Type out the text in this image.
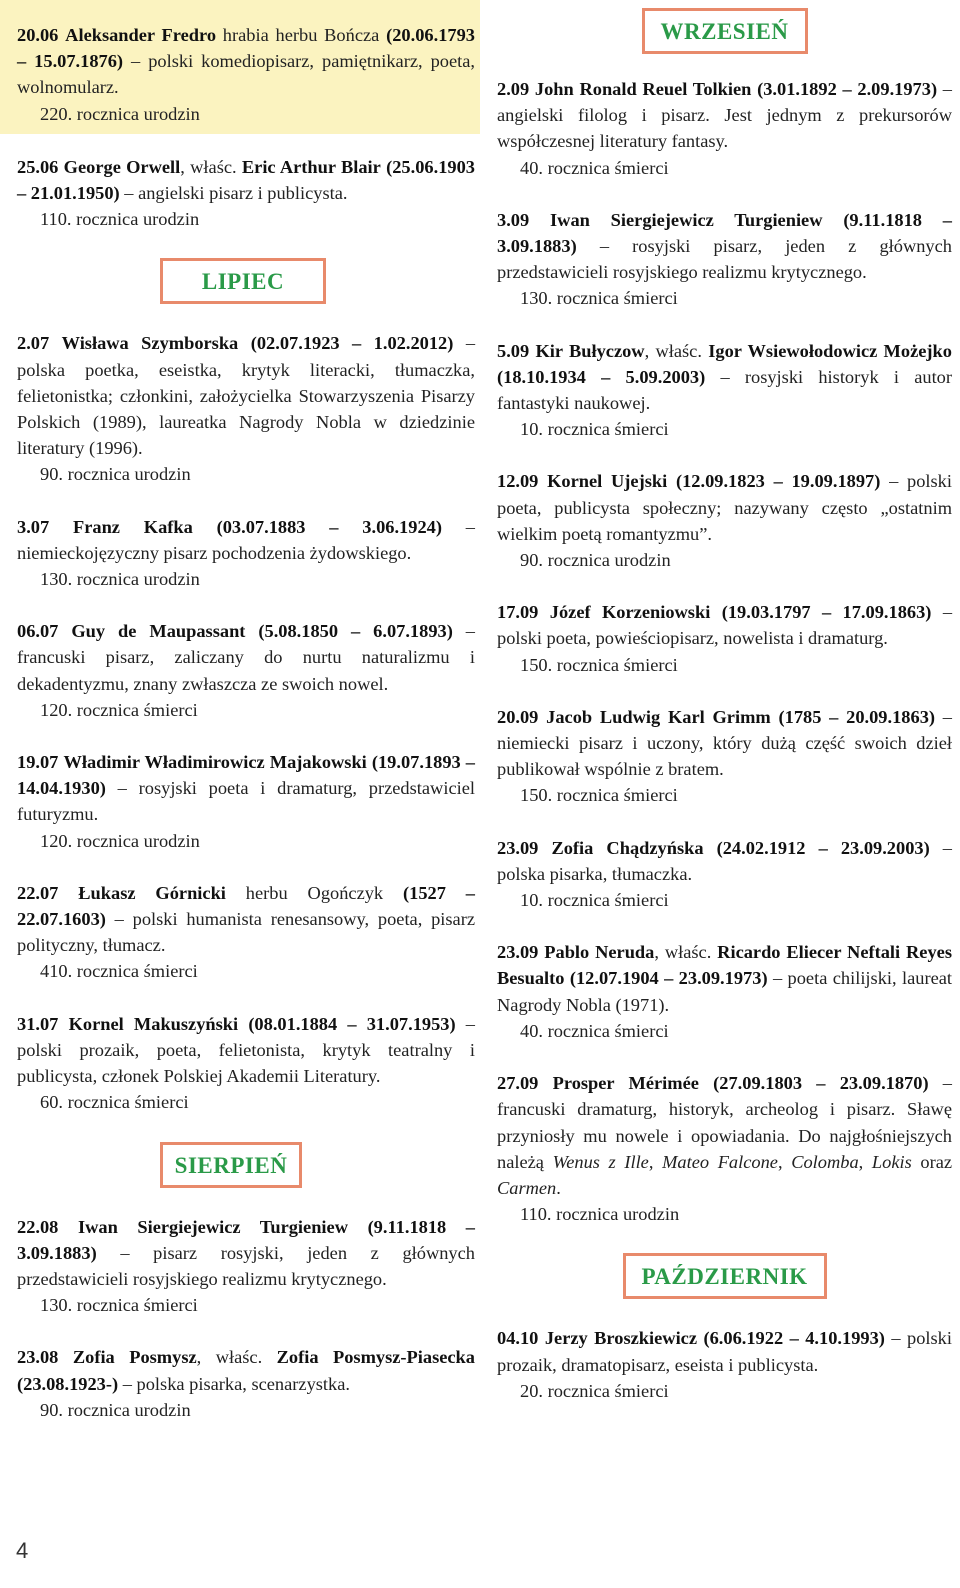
20.06 Aleksander Fredro hrabia herbu Bończa (20.06.1793 – 15.07.1876) – polski komediopisarz, pamiętnikarz, poeta, wolnomularz.
220. rocznica urodzin
25.06 George Orwell, właśc. Eric Arthur Blair (25.06.1903 – 21.01.1950) – angielski pisarz i publicysta.
110. rocznica urodzin
LIPIEC
2.07 Wisława Szymborska (02.07.1923 – 1.02.2012) – polska poetka, eseistka, krytyk literacki, tłumaczka, felietonistka; członkini, założycielka Stowarzyszenia Pisarzy Polskich (1989), laureatka Nagrody Nobla w dziedzinie literatury (1996).
90. rocznica urodzin
3.07 Franz Kafka (03.07.1883 – 3.06.1924) – niemieckojęzyczny pisarz pochodzenia żydowskiego.
130. rocznica urodzin
06.07 Guy de Maupassant (5.08.1850 – 6.07.1893) – francuski pisarz, zaliczany do nurtu naturalizmu i dekadentyzmu, znany zwłaszcza ze swoich nowel.
120. rocznica śmierci
19.07 Władimir Władimirowicz Majakowski (19.07.1893 – 14.04.1930) – rosyjski poeta i dramaturg, przedstawiciel futuryzmu.
120. rocznica urodzin
22.07 Łukasz Górnicki herbu Ogończyk (1527 – 22.07.1603) – polski humanista renesansowy, poeta, pisarz polityczny, tłumacz.
410. rocznica śmierci
31.07 Kornel Makuszyński (08.01.1884 – 31.07.1953) – polski prozaik, poeta, felietonista, krytyk teatralny i publicysta, członek Polskiej Akademii Literatury.
60. rocznica śmierci
SIERPIEŃ
22.08 Iwan Siergiejewicz Turgieniew (9.11.1818 – 3.09.1883) – pisarz rosyjski, jeden z głównych przedstawicieli rosyjskiego realizmu krytycznego.
130. rocznica śmierci
23.08 Zofia Posmysz, właśc. Zofia Posmysz-Piasecka (23.08.1923-) – polska pisarka, scenarzystka.
90. rocznica urodzin
WRZESIEŃ
2.09 John Ronald Reuel Tolkien (3.01.1892 – 2.09.1973) – angielski filolog i pisarz. Jest jednym z prekursorów współczesnej literatury fantasy.
40. rocznica śmierci
3.09 Iwan Siergiejewicz Turgieniew (9.11.1818 – 3.09.1883) – rosyjski pisarz, jeden z głównych przedstawicieli rosyjskiego realizmu krytycznego.
130. rocznica śmierci
5.09 Kir Bułyczow, właśc. Igor Wsiewołodowicz Możejko (18.10.1934 – 5.09.2003) – rosyjski historyk i autor fantastyki naukowej.
10. rocznica śmierci
12.09 Kornel Ujejski (12.09.1823 – 19.09.1897) – polski poeta, publicysta społeczny; nazywany często „ostatnim wielkim poetą romantyzmu”.
90. rocznica urodzin
17.09 Józef Korzeniowski (19.03.1797 – 17.09.1863) – polski poeta, powieściopisarz, nowelista i dramaturg.
150. rocznica śmierci
20.09 Jacob Ludwig Karl Grimm (1785 – 20.09.1863) – niemiecki pisarz i uczony, który dużą część swoich dzieł publikował wspólnie z bratem.
150. rocznica śmierci
23.09 Zofia Chądzyńska (24.02.1912 – 23.09.2003) – polska pisarka, tłumaczka.
10. rocznica śmierci
23.09 Pablo Neruda, właśc. Ricardo Eliecer Neftali Reyes Besualto (12.07.1904 – 23.09.1973) – poeta chilijski, laureat Nagrody Nobla (1971).
40. rocznica śmierci
27.09 Prosper Mérimée (27.09.1803 – 23.09.1870) – francuski dramaturg, historyk, archeolog i pisarz. Sławę przyniosły mu nowele i opowiadania. Do najgłośniejszych należą Wenus z Ille, Mateo Falcone, Colomba, Lokis oraz Carmen.
110. rocznica urodzin
PAŹDZIERNIK
04.10 Jerzy Broszkiewicz (6.06.1922 – 4.10.1993) – polski prozaik, dramatopisarz, eseista i publicysta.
20. rocznica śmierci
4
